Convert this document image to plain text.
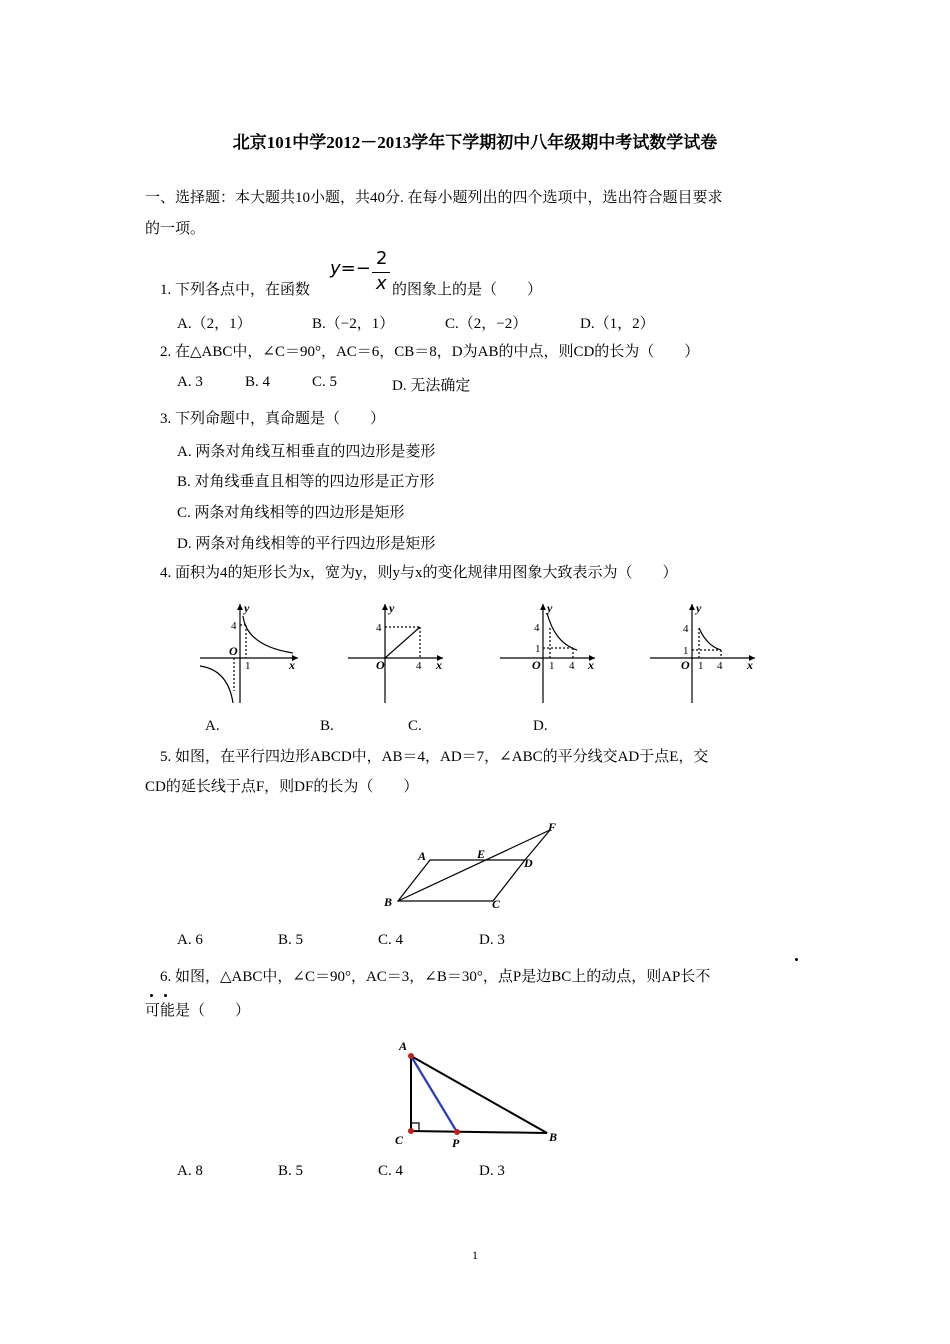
北京101中学2012－2013学年下学期初中八年级期中考试数学试卷
一、选择题：本大题共10小题，共40分. 在每小题列出的四个选项中，选出符合题目要求
的一项。
1. 下列各点中，在函数
y=− 2
x 的图象上的是（　　）
A.（2，1）	B.（−2，1）	C.（2，−2）	D.（1，2）
2. 在△ABC中，∠C＝90°，AC＝6，CB＝8，D为AB的中点，则CD的长为（　　）
A. 3	B. 4	C. 5	D. 无法确定
3. 下列命题中，真命题是（　　）
A. 两条对角线互相垂直的四边形是菱形
B. 对角线垂直且相等的四边形是正方形
C. 两条对角线相等的四边形是矩形
D. 两条对角线相等的平行四边形是矩形
4. 面积为4的矩形长为x，宽为y，则y与x的变化规律用图象大致表示为（　　）
y
x
O
4
1
y
x
O
4
4
y
x
O
4
1
1 4
y
x
O
4
1
1 4
A.	B.	C.	D.
5. 如图，在平行四边形ABCD中，AB＝4，AD＝7，∠ABC的平分线交AD于点E，交
CD的延长线于点F，则DF的长为（　　）
A
B	C
D
E
F
A. 6	B. 5	C. 4	D. 3
6. 如图，△ABC中，∠C＝90°，AC＝3，∠B＝30°，点P是边BC上的动点，则AP长不
可能是（　　）
A
C	P	B
A. 8	B. 5	C. 4	D. 3
1
